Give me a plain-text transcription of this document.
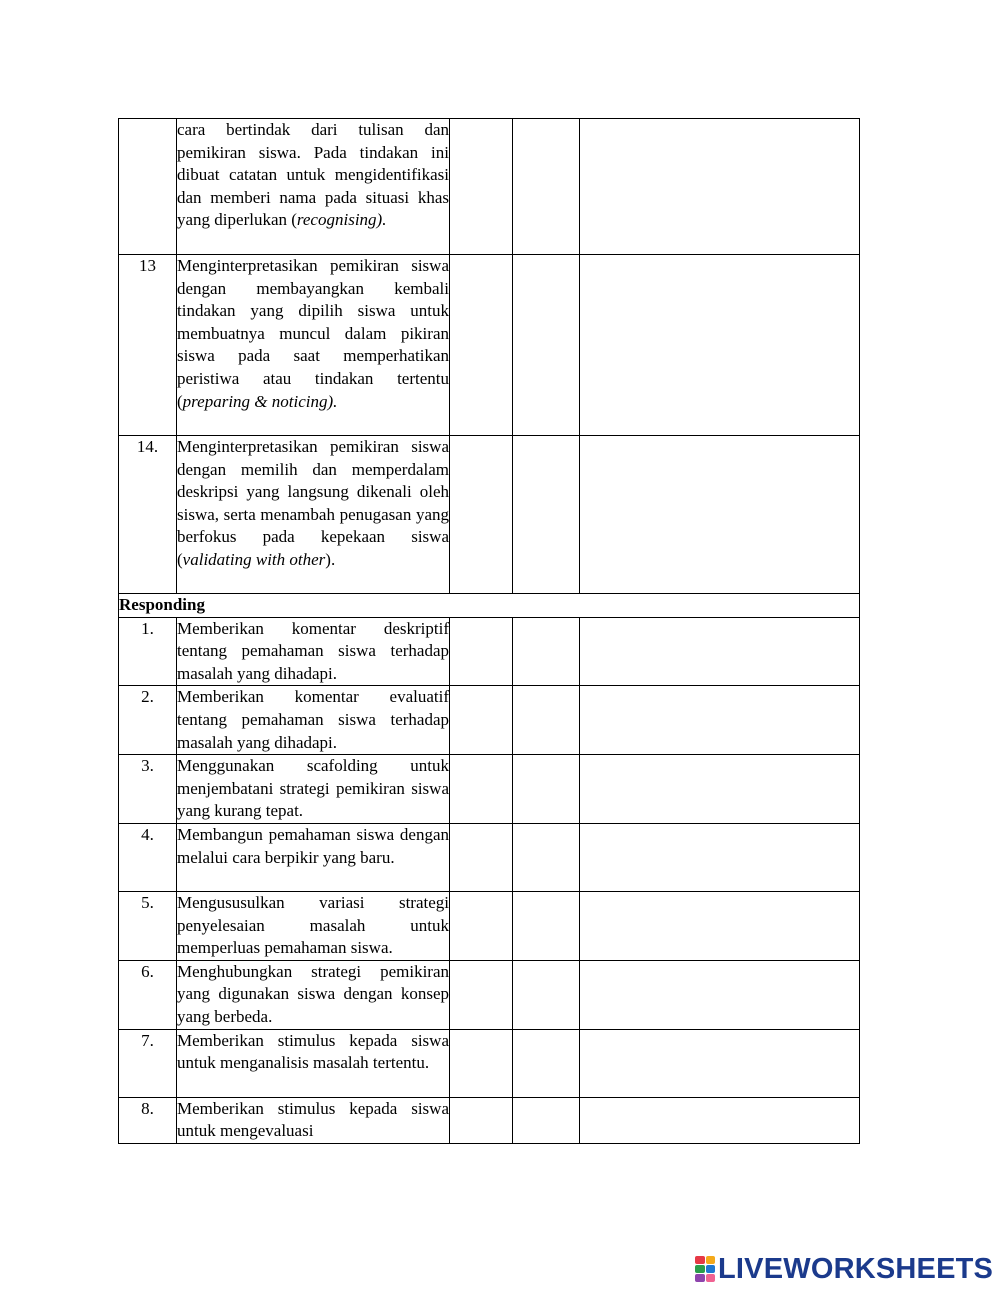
	cara bertindak dari tulisan dan pemikiran siswa. Pada tindakan ini dibuat catatan untuk mengidentifikasi dan memberi nama pada situasi khas yang diperlukan (recognising).			
13	Menginterpretasikan pemikiran siswa dengan membayangkan kembali tindakan yang dipilih siswa untuk membuatnya muncul dalam pikiran siswa pada saat memperhatikan peristiwa atau tindakan tertentu (preparing & noticing).			
14.	Menginterpretasikan pemikiran siswa dengan memilih dan memperdalam deskripsi yang langsung dikenali oleh siswa, serta menambah penugasan yang berfokus pada kepekaan siswa (validating with other).			
Responding				
1.	Memberikan komentar deskriptif tentang pemahaman siswa terhadap masalah yang dihadapi.			
2.	Memberikan komentar evaluatif tentang pemahaman siswa terhadap masalah yang dihadapi.			
3.	Menggunakan scafolding untuk menjembatani strategi pemikiran siswa yang kurang tepat.			
4.	Membangun pemahaman siswa dengan melalui cara berpikir yang baru.			
5.	Mengususulkan variasi strategi penyelesaian masalah untuk memperluas pemahaman siswa.			
6.	Menghubungkan strategi pemikiran yang digunakan siswa dengan konsep yang berbeda.			
7.	Memberikan stimulus kepada siswa untuk menganalisis masalah tertentu.			
8.	Memberikan stimulus kepada siswa untuk mengevaluasi			
LIVEWORKSHEETS
